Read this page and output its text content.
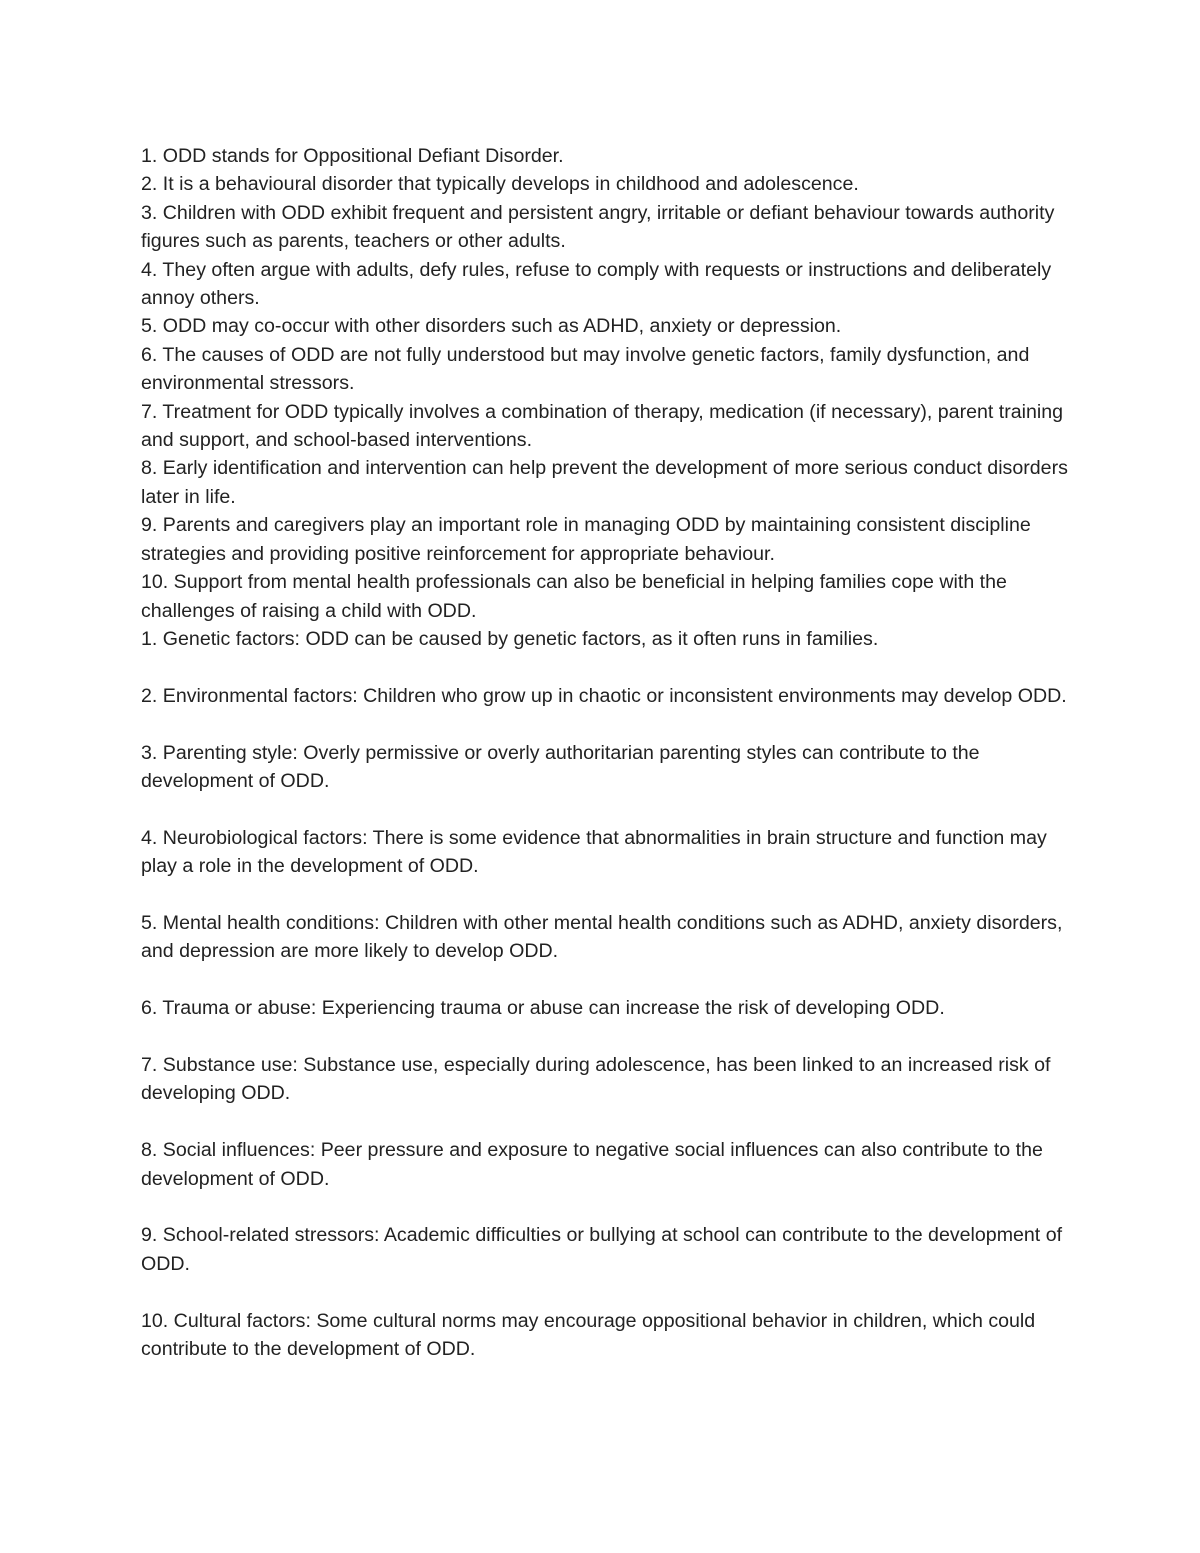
1. ODD stands for Oppositional Defiant Disorder.

2. It is a behavioural disorder that typically develops in childhood and adolescence.

3. Children with ODD exhibit frequent and persistent angry, irritable or defiant behaviour towards authority figures such as parents, teachers or other adults.

4. They often argue with adults, defy rules, refuse to comply with requests or instructions and deliberately annoy others.

5. ODD may co-occur with other disorders such as ADHD, anxiety or depression.

6. The causes of ODD are not fully understood but may involve genetic factors, family dysfunction, and environmental stressors.

7. Treatment for ODD typically involves a combination of therapy, medication (if necessary), parent training and support, and school-based interventions.

8. Early identification and intervention can help prevent the development of more serious conduct disorders later in life.

9. Parents and caregivers play an important role in managing ODD by maintaining consistent discipline strategies and providing positive reinforcement for appropriate behaviour.

10. Support from mental health professionals can also be beneficial in helping families cope with the challenges of raising a child with ODD.

1. Genetic factors: ODD can be caused by genetic factors, as it often runs in families.

2. Environmental factors: Children who grow up in chaotic or inconsistent environments may develop ODD.

3. Parenting style: Overly permissive or overly authoritarian parenting styles can contribute to the development of ODD.

4. Neurobiological factors: There is some evidence that abnormalities in brain structure and function may play a role in the development of ODD.

5. Mental health conditions: Children with other mental health conditions such as ADHD, anxiety disorders, and depression are more likely to develop ODD.

6. Trauma or abuse: Experiencing trauma or abuse can increase the risk of developing ODD.

7. Substance use: Substance use, especially during adolescence, has been linked to an increased risk of developing ODD.

8. Social influences: Peer pressure and exposure to negative social influences can also contribute to the development of ODD.

9. School-related stressors: Academic difficulties or bullying at school can contribute to the development of ODD.

10. Cultural factors: Some cultural norms may encourage oppositional behavior in children, which could contribute to the development of ODD.
